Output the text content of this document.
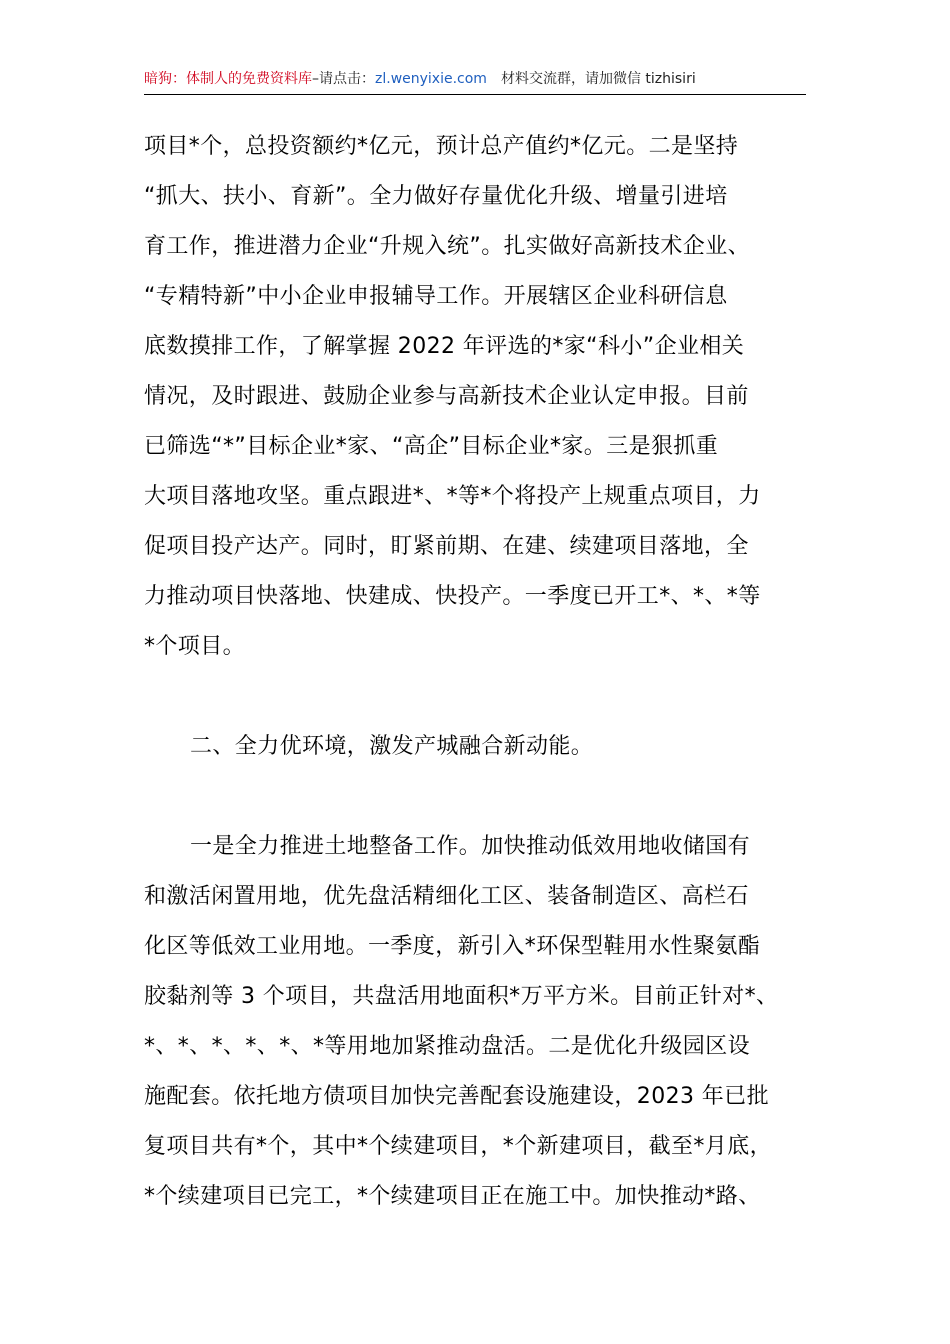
暗狗：体制人的免费资料库–请点击：zl.wenyixie.com 材料交流群，请加微信 tizhisiri

项目*个，总投资额约*亿元，预计总产值约*亿元。二是坚持

“抓大、扶小、育新”。全力做好存量优化升级、增量引进培

育工作，推进潜力企业“升规入统”。扎实做好高新技术企业、

“专精特新”中小企业申报辅导工作。开展辖区企业科研信息

底数摸排工作，了解掌握 2022 年评选的*家“科小”企业相关

情况，及时跟进、鼓励企业参与高新技术企业认定申报。目前

已筛选“*”目标企业*家、“高企”目标企业*家。三是狠抓重

大项目落地攻坚。重点跟进*、*等*个将投产上规重点项目，力

促项目投产达产。同时，盯紧前期、在建、续建项目落地，全

力推动项目快落地、快建成、快投产。一季度已开工*、*、*等

*个项目。

二、全力优环境，激发产城融合新动能。

一是全力推进土地整备工作。加快推动低效用地收储国有

和激活闲置用地，优先盘活精细化工区、装备制造区、高栏石

化区等低效工业用地。一季度，新引入*环保型鞋用水性聚氨酯

胶黏剂等 3 个项目，共盘活用地面积*万平方米。目前正针对*、

*、*、*、*、*、*等用地加紧推动盘活。二是优化升级园区设

施配套。依托地方债项目加快完善配套设施建设，2023 年已批

复项目共有*个，其中*个续建项目，*个新建项目，截至*月底，

*个续建项目已完工，*个续建项目正在施工中。加快推动*路、
